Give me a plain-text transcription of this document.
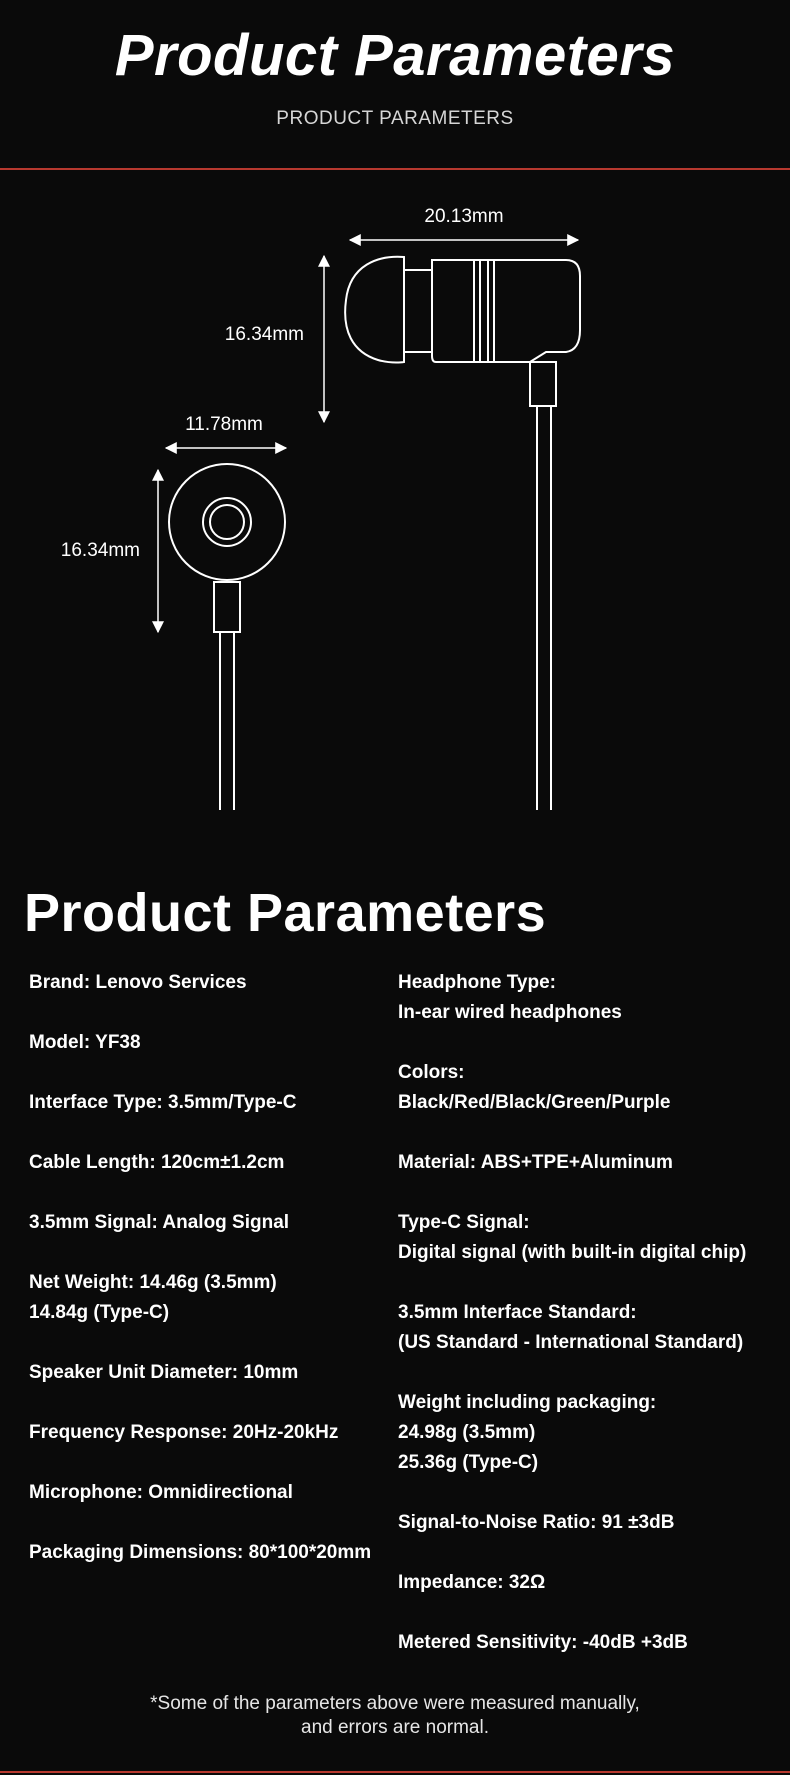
Product Parameters
PRODUCT PARAMETERS
20.13mm
16.34mm
11.78mm
16.34mm
Product Parameters
Brand: Lenovo Services
Model: YF38
Interface Type: 3.5mm/Type-C
Cable Length: 120cm±1.2cm
3.5mm Signal: Analog Signal
Net Weight: 14.46g (3.5mm)
14.84g (Type-C)
Speaker Unit Diameter: 10mm
Frequency Response: 20Hz-20kHz
Microphone: Omnidirectional
Packaging Dimensions: 80*100*20mm
Headphone Type:
In-ear wired headphones
Colors:
Black/Red/Black/Green/Purple
Material: ABS+TPE+Aluminum
Type-C Signal:
Digital signal (with built-in digital chip)
3.5mm Interface Standard:
(US Standard - International Standard)
Weight including packaging:
24.98g (3.5mm)
25.36g (Type-C)
Signal-to-Noise Ratio: 91 ±3dB
Impedance: 32Ω
Metered Sensitivity: -40dB +3dB
*Some of the parameters above were measured manually,
and errors are normal.
